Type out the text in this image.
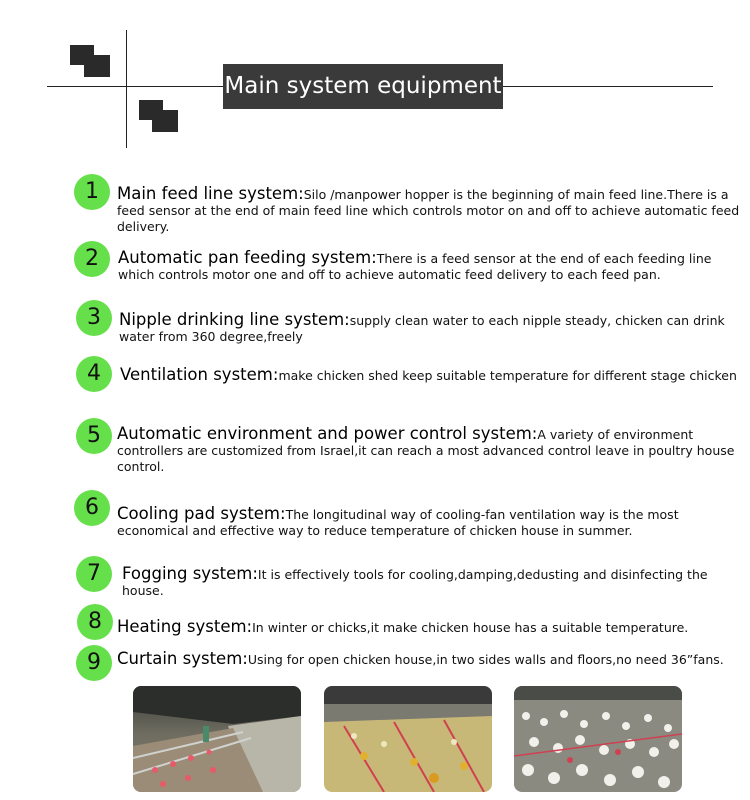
Main system equipment
1	Main feed line system:Silo /manpower hopper is the beginning of main feed line.There is a feed sensor at the end of main feed line which controls motor on and off to achieve automatic feed delivery.
2	Automatic pan feeding system:There is a feed sensor at the end of each feeding line which controls motor one and off to achieve automatic feed delivery to each feed pan.
3	Nipple drinking line system:supply clean water to each nipple steady, chicken can drink water from 360 degree,freely
4	Ventilation system:make chicken shed keep suitable temperature for different stage chicken
5 Automatic environment and power control system:A variety of environment controllers are customized from Israel,it can reach a most advanced control leave in poultry house control.
6	Cooling pad system:The longitudinal way of cooling-fan ventilation way is the most economical and effective way to reduce temperature of chicken house in summer.
7	Fogging system:It is effectively tools for cooling,damping,dedusting and disinfecting the house.
8 Heating system:In winter or chicks,it make chicken house has a suitable temperature.
9 Curtain system:Using for open chicken house,in two sides walls and floors,no need 36”fans.
